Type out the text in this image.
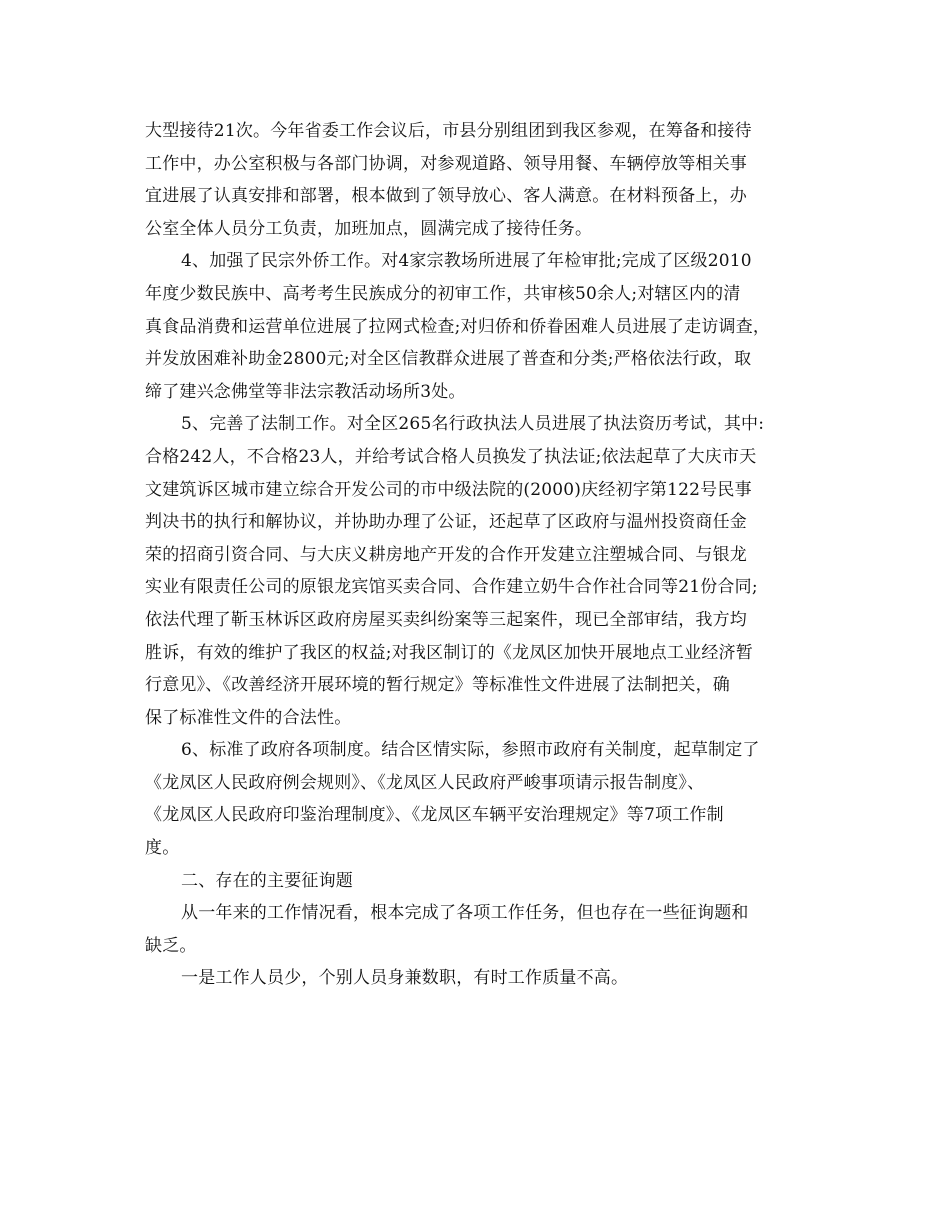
大型接待21次。今年省委工作会议后，市县分别组团到我区参观，在筹备和接待
工作中，办公室积极与各部门协调，对参观道路、领导用餐、车辆停放等相关事
宜进展了认真安排和部署，根本做到了领导放心、客人满意。在材料预备上，办
公室全体人员分工负责，加班加点，圆满完成了接待任务。
4、加强了民宗外侨工作。对4家宗教场所进展了年检审批;完成了区级2010
年度少数民族中、高考考生民族成分的初审工作，共审核50余人;对辖区内的清
真食品消费和运营单位进展了拉网式检查;对归侨和侨眷困难人员进展了走访调查，
并发放困难补助金2800元;对全区信教群众进展了普查和分类;严格依法行政，取
缔了建兴念佛堂等非法宗教活动场所3处。
5、完善了法制工作。对全区265名行政执法人员进展了执法资历考试，其中:
合格242人，不合格23人，并给考试合格人员换发了执法证;依法起草了大庆市天
文建筑诉区城市建立综合开发公司的市中级法院的(2000)庆经初字第122号民事
判决书的执行和解协议，并协助办理了公证，还起草了区政府与温州投资商任金
荣的招商引资合同、与大庆义耕房地产开发的合作开发建立注塑城合同、与银龙
实业有限责任公司的原银龙宾馆买卖合同、合作建立奶牛合作社合同等21份合同;
依法代理了靳玉林诉区政府房屋买卖纠纷案等三起案件，现已全部审结，我方均
胜诉，有效的维护了我区的权益;对我区制订的《龙凤区加快开展地点工业经济暂
行意见》、《改善经济开展环境的暂行规定》等标准性文件进展了法制把关，确
保了标准性文件的合法性。
6、标准了政府各项制度。结合区情实际，参照市政府有关制度，起草制定了
《龙凤区人民政府例会规则》、《龙凤区人民政府严峻事项请示报告制度》、
《龙凤区人民政府印鉴治理制度》、《龙凤区车辆平安治理规定》等7项工作制
度。
二、存在的主要征询题
从一年来的工作情况看，根本完成了各项工作任务，但也存在一些征询题和
缺乏。
一是工作人员少，个别人员身兼数职，有时工作质量不高。
